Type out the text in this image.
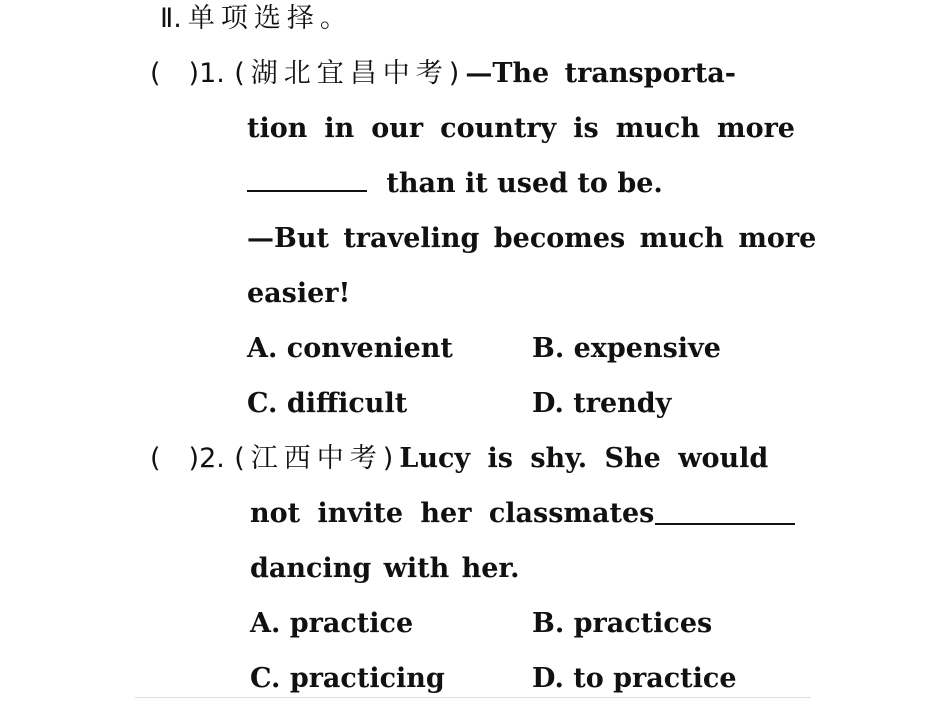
Ⅱ.单项选择。
( )1. (湖北宜昌中考)—The transporta-
tion in our country is much more
than it used to be.
—But traveling becomes much more
easier!
A. convenient	B. expensive
C. difficult	D. trendy
( )2. (江西中考)Lucy is shy. She would
not invite her classmates
dancing with her.
A. practice	B. practices
C. practicing	D. to practice
